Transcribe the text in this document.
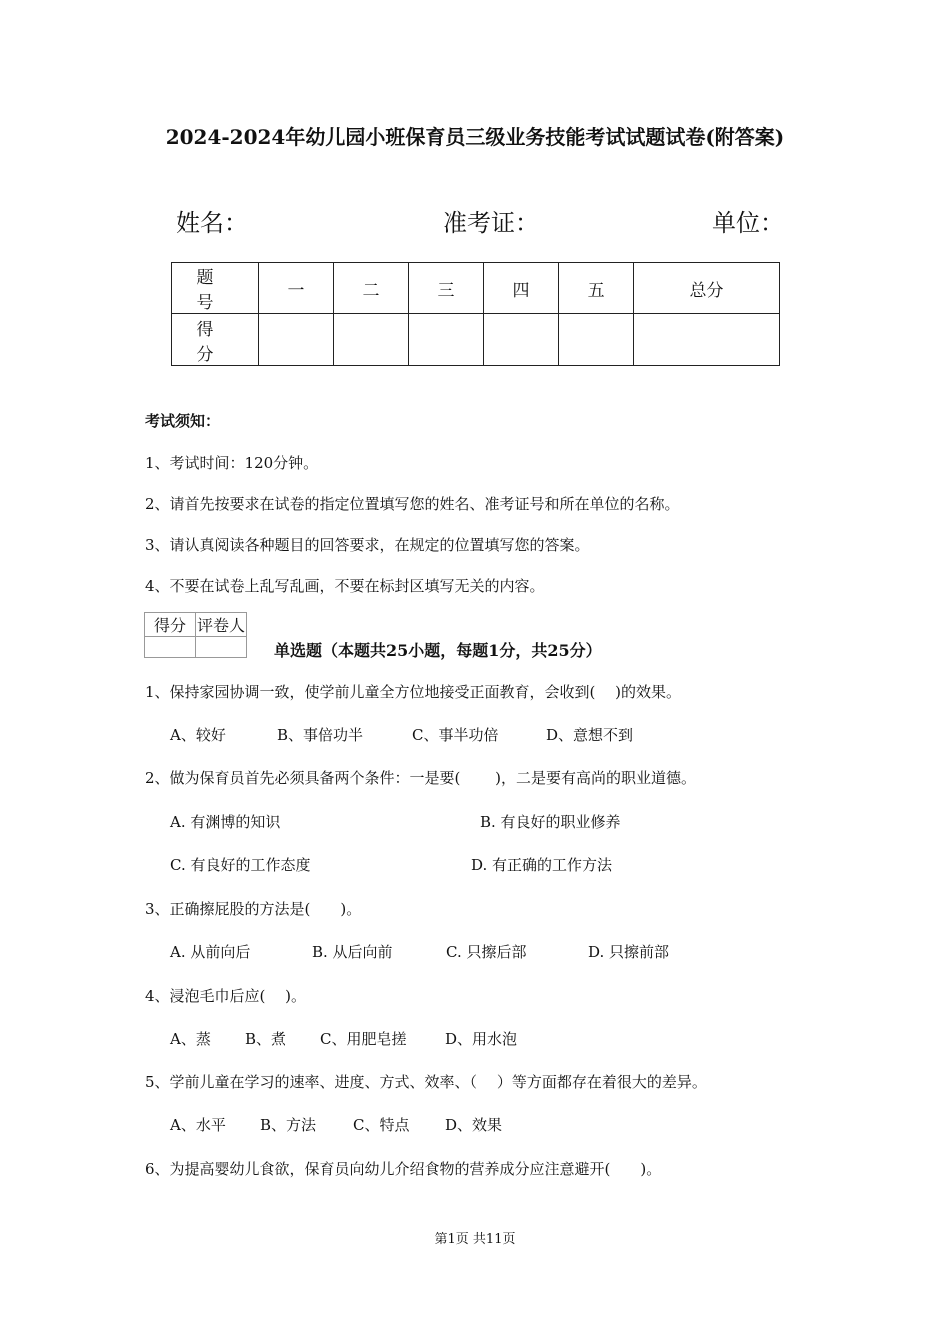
2024-2024年幼儿园小班保育员三级业务技能考试试题试卷(附答案)
姓名：	准考证：	单位：
题　号	一	二	三	四	五	总分
得　分						
考试须知：
1、考试时间：120分钟。
2、请首先按要求在试卷的指定位置填写您的姓名、准考证号和所在单位的名称。
3、请认真阅读各种题目的回答要求，在规定的位置填写您的答案。
4、不要在试卷上乱写乱画，不要在标封区填写无关的内容。
得分	评卷人

单选题（本题共25小题，每题1分，共25分）
1、保持家园协调一致，使学前儿童全方位地接受正面教育，会收到(　 )的效果。
A、较好	B、事倍功半	C、事半功倍	D、意想不到
2、做为保育员首先必须具备两个条件：一是要(　　 )，二是要有高尚的职业道德。
A. 有渊博的知识	B. 有良好的职业修养
C. 有良好的工作态度	D. 有正确的工作方法
3、正确擦屁股的方法是(　　)。
A. 从前向后	B. 从后向前	C. 只擦后部	D. 只擦前部
4、浸泡毛巾后应(　 )。
A、蒸 B、煮 C、用肥皂搓	D、用水泡
5、学前儿童在学习的速率、进度、方式、效率、（　 ）等方面都存在着很大的差异。
A、水平 B、方法 C、特点 D、效果
6、为提高婴幼儿食欲，保育员向幼儿介绍食物的营养成分应注意避开(　　)。
第1页 共11页
